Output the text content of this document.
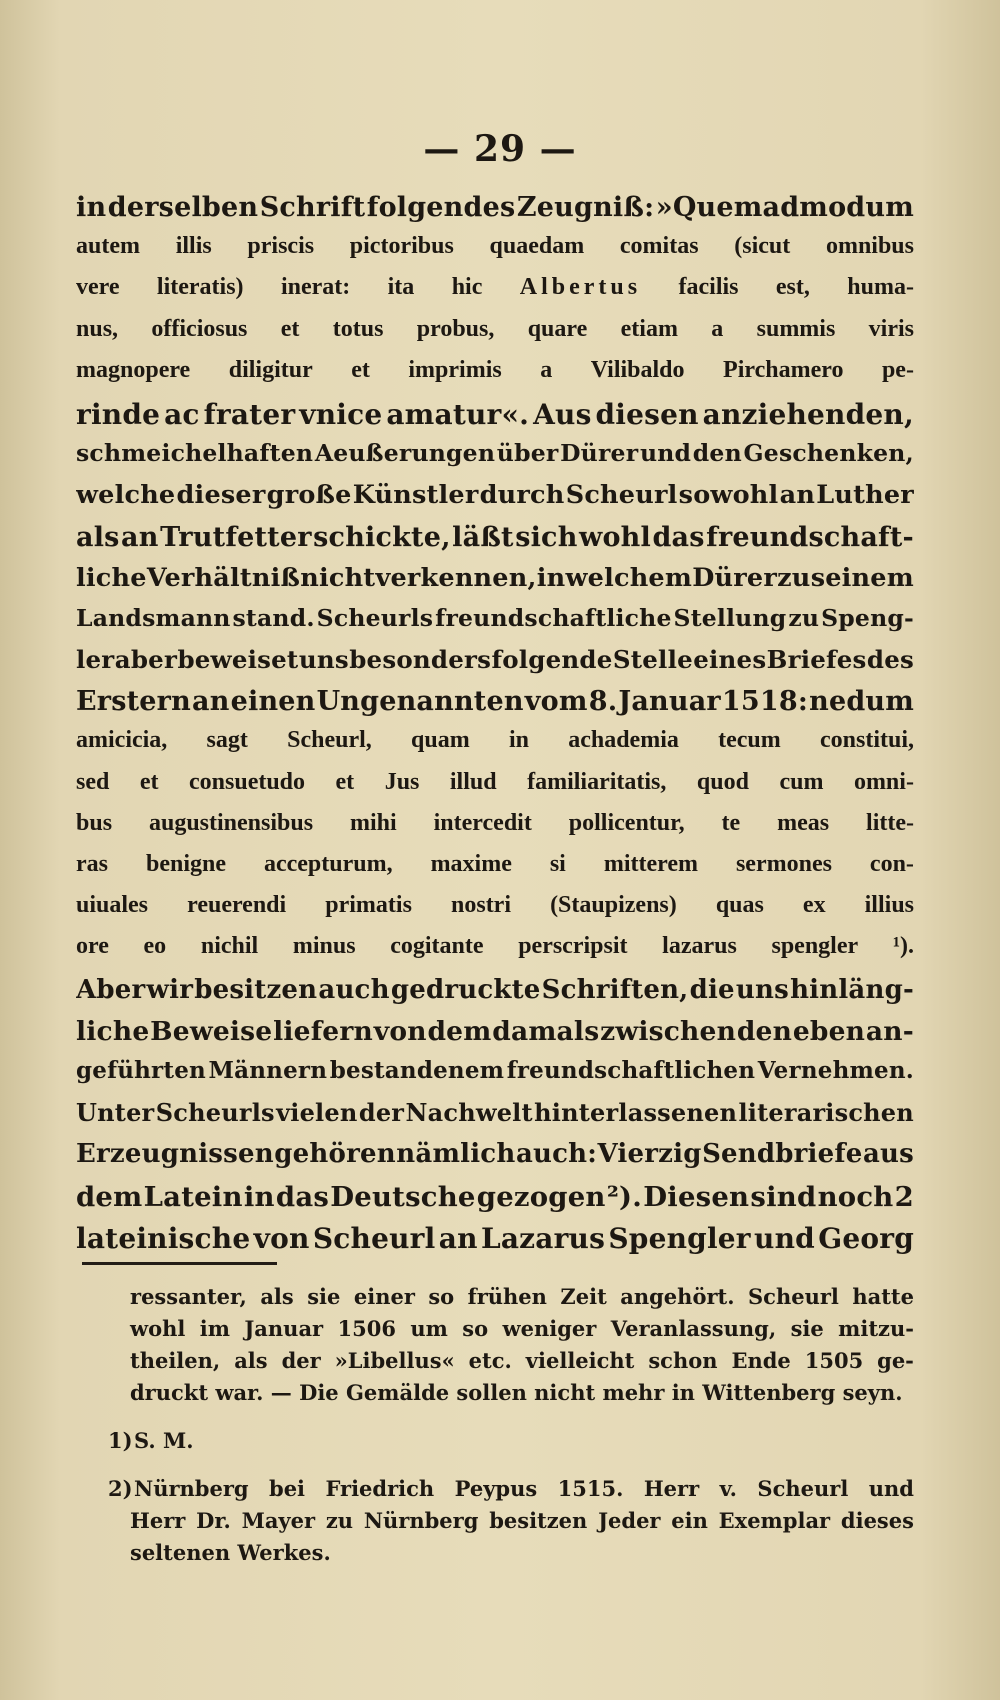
— 29 —
in derselben Schrift folgendes Zeugniß: »Quemadmodum
autem illis priscis pictoribus quaedam comitas (sicut omnibus
vere literatis) inerat: ita hic Albertus facilis est, huma-
nus, officiosus et totus probus, quare etiam a summis viris
magnopere diligitur et imprimis a Vilibaldo Pirchamero pe-
rinde ac frater vnice amatur«. Aus diesen anziehenden,
schmeichelhaften Aeußerungen über Dürer und den Geschenken,
welche dieser große Künstler durch Scheurl sowohl an Luther
als an Trutfetter schickte, läßt sich wohl das freundschaft-
liche Verhältniß nicht verkennen, in welchem Dürer zu seinem
Landsmann stand. Scheurls freundschaftliche Stellung zu Speng-
ler aber beweiset uns besonders folgende Stelle eines Briefes des
Erstern an einen Ungenannten vom 8. Januar 1518: nedum
amicicia, sagt Scheurl, quam in achademia tecum constitui,
sed et consuetudo et Jus illud familiaritatis, quod cum omni-
bus augustinensibus mihi intercedit pollicentur, te meas litte-
ras benigne accepturum, maxime si mitterem sermones con-
uiuales reuerendi primatis nostri (Staupizens) quas ex illius
ore eo nichil minus cogitante perscripsit lazarus spengler ¹).
Aber wir besitzen auch gedruckte Schriften, die uns hinläng-
liche Beweise liefern von dem damals zwischen den eben an-
geführten Männern bestandenem freundschaftlichen Vernehmen.
Unter Scheurls vielen der Nachwelt hinterlassenen literarischen
Erzeugnissen gehören nämlich auch: Vierzig Sendbriefe aus
dem Latein in das Deutsche gezogen ²). Diesen sind noch 2
lateinische von Scheurl an Lazarus Spengler und Georg
ressanter, als sie einer so frühen Zeit angehört. Scheurl hatte
wohl im Januar 1506 um so weniger Veranlassung, sie mitzu-
theilen, als der »Libellus« etc. vielleicht schon Ende 1505 ge-
druckt war. — Die Gemälde sollen nicht mehr in Wittenberg seyn.
1) S. M.
2) Nürnberg bei Friedrich Peypus 1515. Herr v. Scheurl und
Herr Dr. Mayer zu Nürnberg besitzen Jeder ein Exemplar dieses
seltenen Werkes.
